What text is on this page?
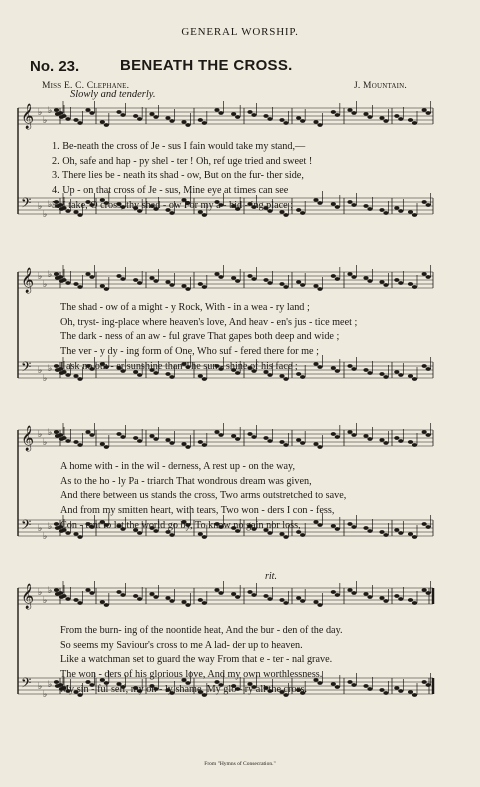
GENERAL WORSHIP.
No. 23.	BENEATH THE CROSS.
Miss E. C. Clephane.	J. Mountain.
Slowly and tenderly.
rit.
𝄞 ♭
♭
♭
𝄢 ♭
♭
♭
1. Be-neath the cross of Je - sus I fain would take my stand,—
2. Oh, safe and hap - py shel - ter ! Oh, ref uge tried and sweet !
3. There lies be - neath its shad - ow, But on the fur- ther side,
4. Up - on that cross of Je - sus, Mine eye at times can see
5. I take, O cross, thy shad - ow For my a - bid - ing place ;
𝄞 ♭
♭
♭
𝄢 ♭
♭
♭
The shad - ow of a might - y Rock, With - in a wea - ry land ;
Oh, tryst- ing-place where heaven's love, And heav - en's jus - tice meet ;
The dark - ness of an aw - ful grave That gapes both deep and wide ;
The ver - y dy - ing form of One, Who suf - fered there for me ;
I ask no oth - er sunshine than The sun - shine of his face ;
𝄞 ♭
♭
♭
𝄢 ♭
♭
♭
A home with - in the wil - derness, A rest up - on the way,
As to the ho - ly Pa - triarch That wondrous dream was given,
And there between us stands the cross, Two arms outstretched to save,
And from my smitten heart, with tears, Two won - ders I con - fess,
Con - tent to let the world go by, To know no gain nor loss,
𝄞 ♭
♭
♭
𝄢 ♭
♭
♭
From the burn- ing of the noontide heat, And the bur - den of the day.
So seems my Saviour's cross to me A lad- der up to heaven.
Like a watchman set to guard the way From that e - ter - nal grave.
The won - ders of his glorious love, And my own worthlessness.
My sin - ful self, my on - ly shame, My glo - ry all the cross.
From "Hymns of Consecration."
